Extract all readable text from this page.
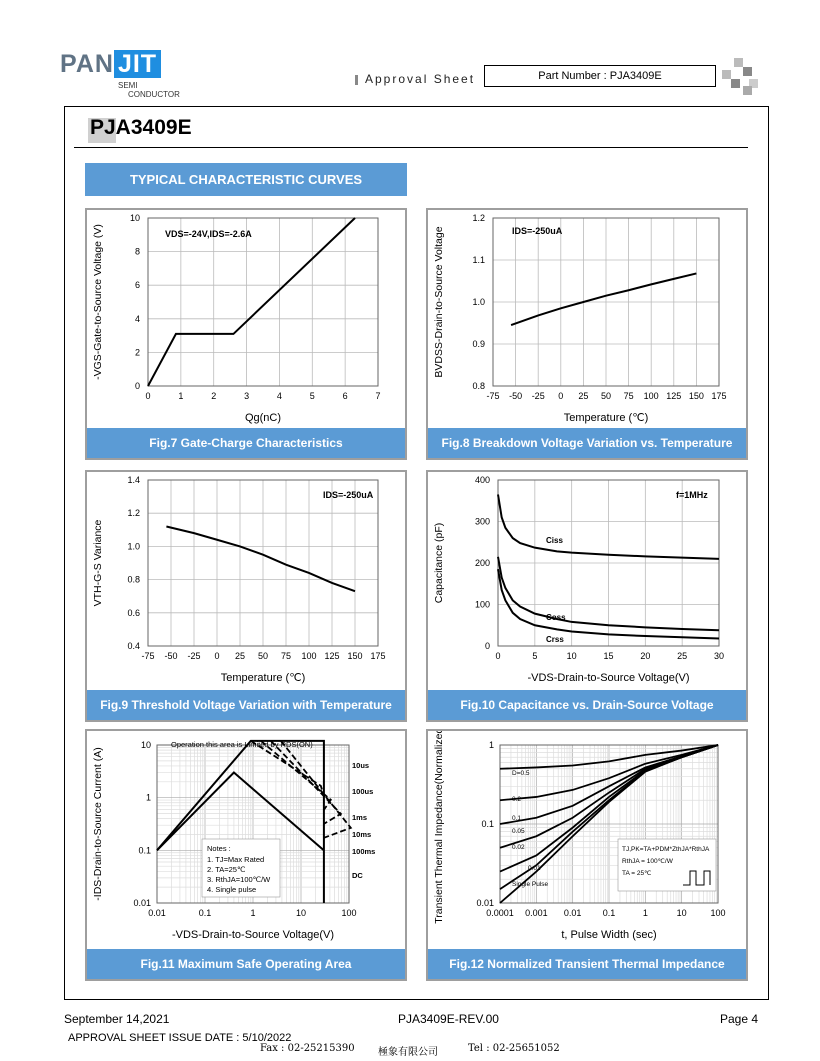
PAN JIT
SEMI
CONDUCTOR
Approval Sheet	Part Number : PJA3409E
PJA3409E
TYPICAL CHARACTERISTIC CURVES
0	1	2	3	4	5	6	7
0
2
4
6
8
10
Qg(nC)
-VGS-Gate-to-Source Voltage (V)	VDS=-24V,IDS=-2.6A
Fig.7 Gate-Charge Characteristics
-75 -50 -25 0 25 50 75 100 125 150 175
0.8
0.9
1.0
1.1
1.2
Temperature (℃)
BVDSS-Drain-to-Source Voltage	IDS=-250uA
Fig.8 Breakdown Voltage Variation vs. Temperature
-75 -50 -25 0 25 50 75 100 125 150 175
0.4
0.6
0.8
1.0
1.2
1.4
Temperature (℃)
VTH-G-S Variance
IDS=-250uA
Fig.9 Threshold Voltage Variation with Temperature
0	5	10	15	20	25	30
0
100
200
300
400
-VDS-Drain-to-Source Voltage(V)
Capacitance (pF)
f=1MHz
Ciss
Coss
Crss
Fig.10 Capacitance vs. Drain-Source Voltage
0.01	0.1	1	10	100
0.01
0.1
1
10
-VDS-Drain-to-Source Voltage(V)
-IDS-Drain-to-Source Current (A)	10us
100us
1ms
10ms
100ms
DC
Operation this area is Limited by RDS(ON)
Notes :
1. TJ=Max Rated
2. TA=25℃
3. RthJA=100℃/W
4. Single pulse
Fig.11 Maximum Safe Operating Area
0.0001 0.001 0.01 0.1	1	10	100
0.01
0.1
1
t, Pulse Width (sec)
Transient Thermal Impedance(Normalized)	D=0.5
0.2
0.1
0.05
0.02
0.01
Single Pulse
TJ,PK=TA+PDM*ZthJA*RthJA
RthJA = 100℃/W
TA = 25℃
Fig.12 Normalized Transient Thermal Impedance
September 14,2021	PJA3409E-REV.00	Page 4
APPROVAL SHEET ISSUE DATE : 5/10/2022
Fax : 02-25215390 極象有限公司	Tel : 02-25651052
